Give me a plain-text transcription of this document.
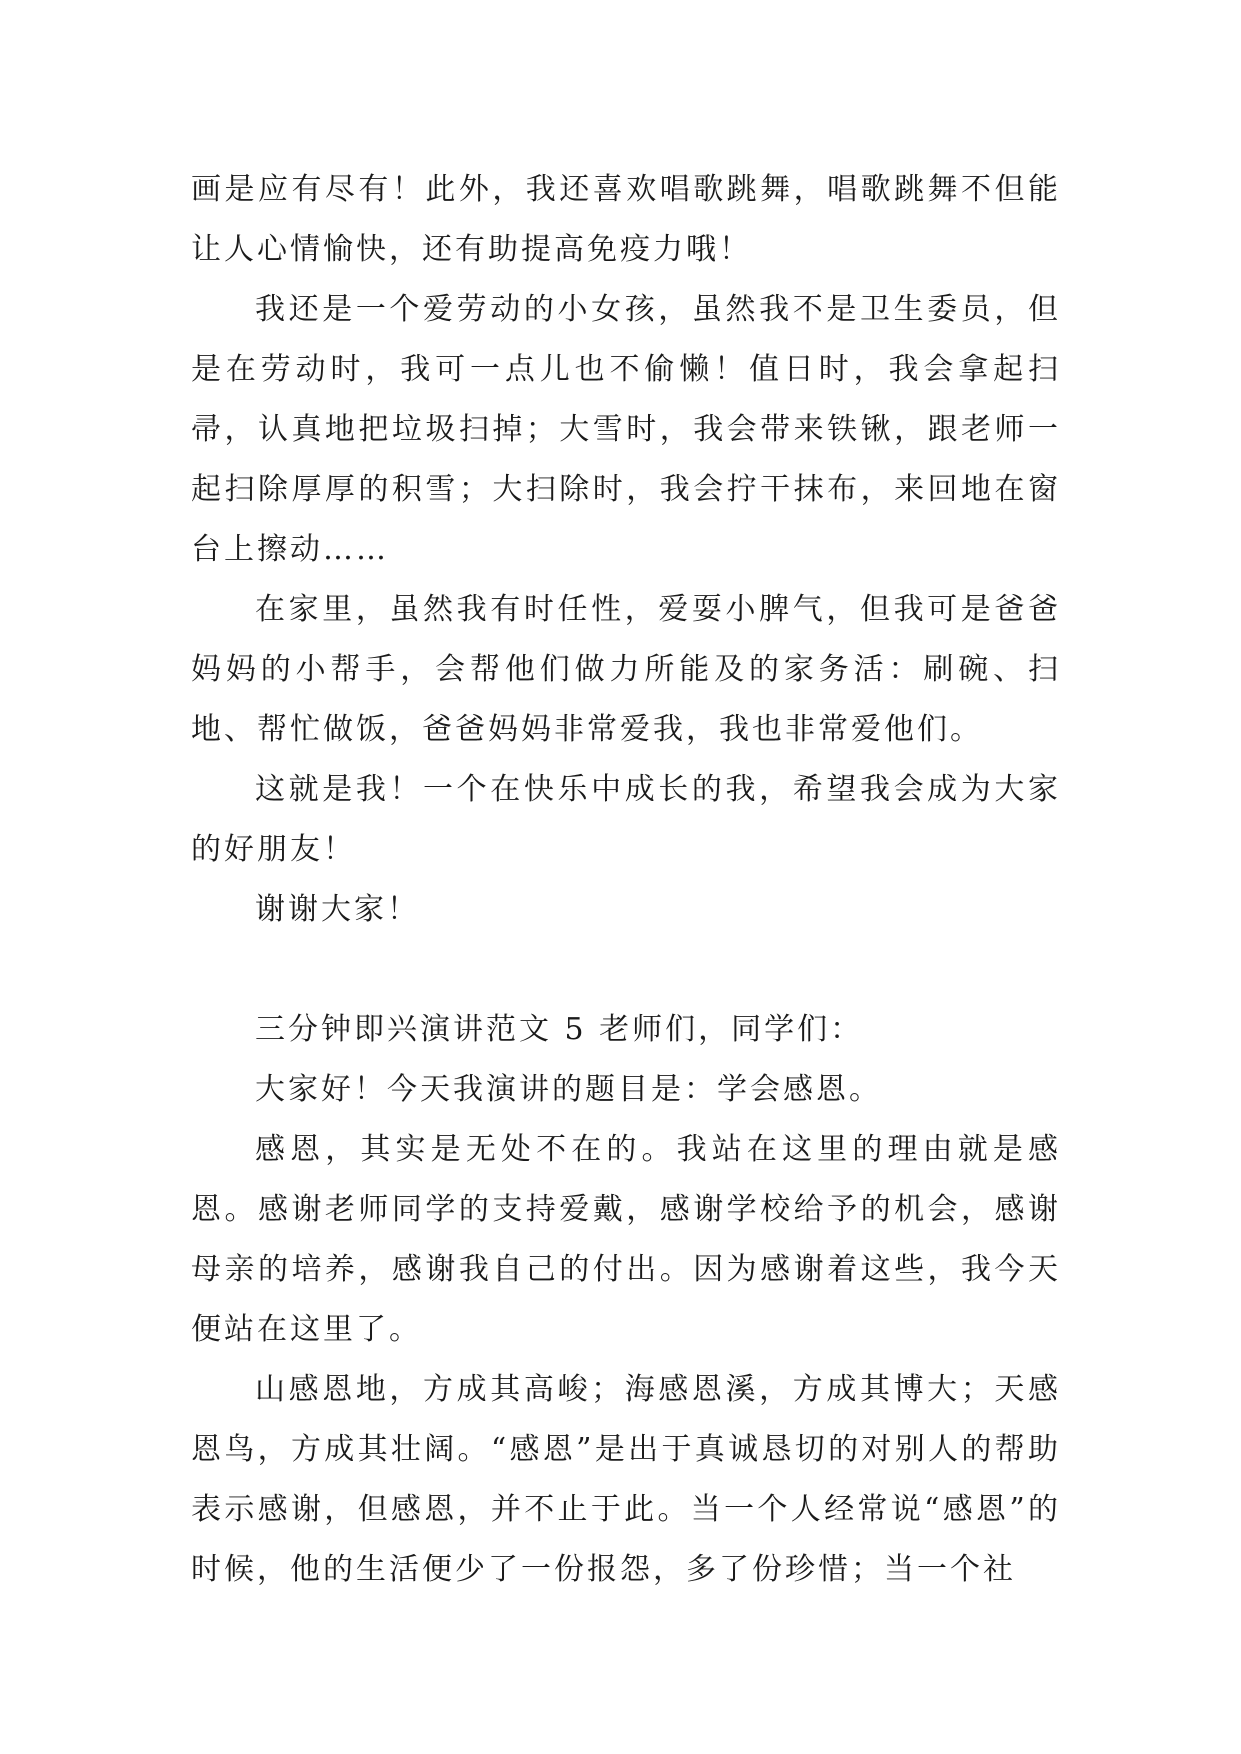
画是应有尽有！此外，我还喜欢唱歌跳舞，唱歌跳舞不但能让人心情愉快，还有助提高免疫力哦！

我还是一个爱劳动的小女孩，虽然我不是卫生委员，但是在劳动时，我可一点儿也不偷懒！值日时，我会拿起扫帚，认真地把垃圾扫掉；大雪时，我会带来铁锹，跟老师一起扫除厚厚的积雪；大扫除时，我会拧干抹布，来回地在窗台上擦动……

在家里，虽然我有时任性，爱耍小脾气，但我可是爸爸妈妈的小帮手，会帮他们做力所能及的家务活：刷碗、扫地、帮忙做饭，爸爸妈妈非常爱我，我也非常爱他们。

这就是我！一个在快乐中成长的我，希望我会成为大家的好朋友！

谢谢大家！

三分钟即兴演讲范文 5 老师们，同学们：

大家好！今天我演讲的题目是：学会感恩。

感恩，其实是无处不在的。我站在这里的理由就是感恩。感谢老师同学的支持爱戴，感谢学校给予的机会，感谢母亲的培养，感谢我自己的付出。因为感谢着这些，我今天便站在这里了。

山感恩地，方成其高峻；海感恩溪，方成其博大；天感恩鸟，方成其壮阔。“感恩”是出于真诚恳切的对别人的帮助表示感谢，但感恩，并不止于此。当一个人经常说“感恩”的时候，他的生活便少了一份报怨，多了份珍惜；当一个社
